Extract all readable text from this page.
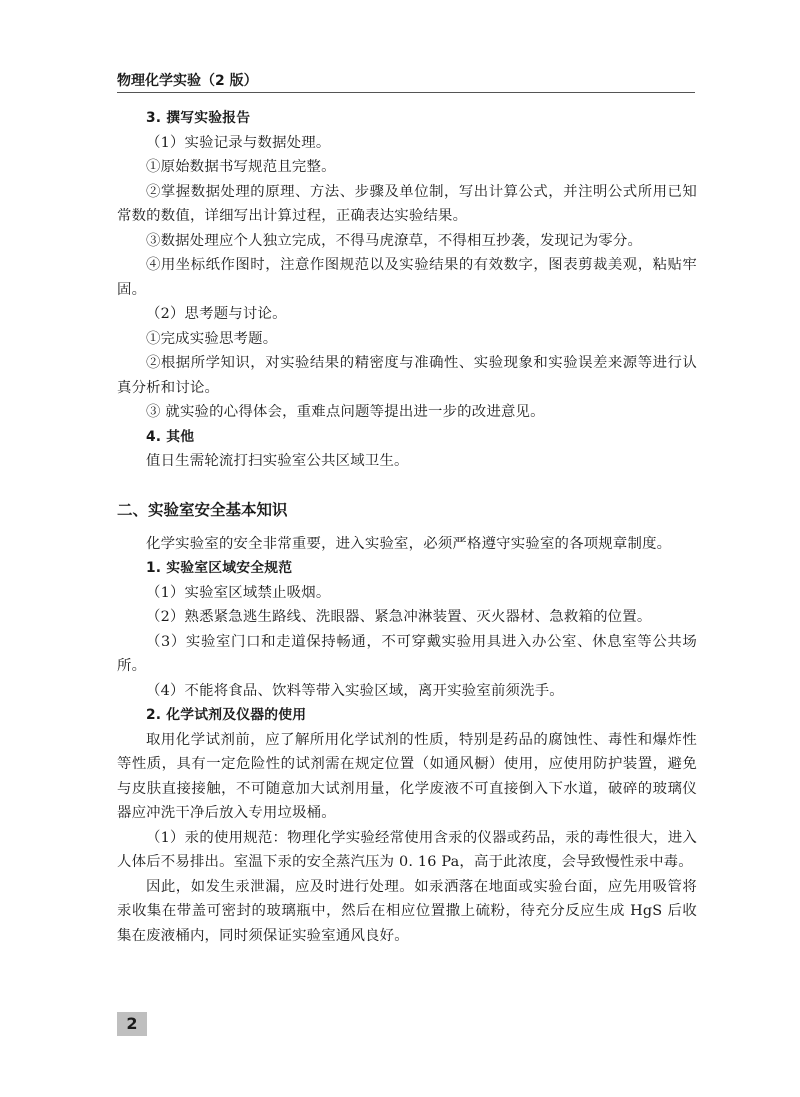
物理化学实验（2 版）

3. 撰写实验报告

（1）实验记录与数据处理。

①原始数据书写规范且完整。

②掌握数据处理的原理、方法、步骤及单位制，写出计算公式，并注明公式所用已知常数的数值，详细写出计算过程，正确表达实验结果。

③数据处理应个人独立完成，不得马虎潦草，不得相互抄袭，发现记为零分。

④用坐标纸作图时，注意作图规范以及实验结果的有效数字，图表剪裁美观，粘贴牢固。

（2）思考题与讨论。

①完成实验思考题。

②根据所学知识，对实验结果的精密度与准确性、实验现象和实验误差来源等进行认真分析和讨论。

③ 就实验的心得体会，重难点问题等提出进一步的改进意见。

4. 其他

值日生需轮流打扫实验室公共区域卫生。

二、实验室安全基本知识

化学实验室的安全非常重要，进入实验室，必须严格遵守实验室的各项规章制度。

1. 实验室区域安全规范

（1）实验室区域禁止吸烟。

（2）熟悉紧急逃生路线、洗眼器、紧急冲淋装置、灭火器材、急救箱的位置。

（3）实验室门口和走道保持畅通，不可穿戴实验用具进入办公室、休息室等公共场所。

（4）不能将食品、饮料等带入实验区域，离开实验室前须洗手。

2. 化学试剂及仪器的使用

取用化学试剂前，应了解所用化学试剂的性质，特别是药品的腐蚀性、毒性和爆炸性等性质，具有一定危险性的试剂需在规定位置（如通风橱）使用，应使用防护装置，避免与皮肤直接接触，不可随意加大试剂用量，化学废液不可直接倒入下水道，破碎的玻璃仪器应冲洗干净后放入专用垃圾桶。

（1）汞的使用规范：物理化学实验经常使用含汞的仪器或药品，汞的毒性很大，进入人体后不易排出。室温下汞的安全蒸汽压为 0. 16 Pa，高于此浓度，会导致慢性汞中毒。

因此，如发生汞泄漏，应及时进行处理。如汞洒落在地面或实验台面，应先用吸管将汞收集在带盖可密封的玻璃瓶中，然后在相应位置撒上硫粉，待充分反应生成 HgS 后收集在废液桶内，同时须保证实验室通风良好。

2
